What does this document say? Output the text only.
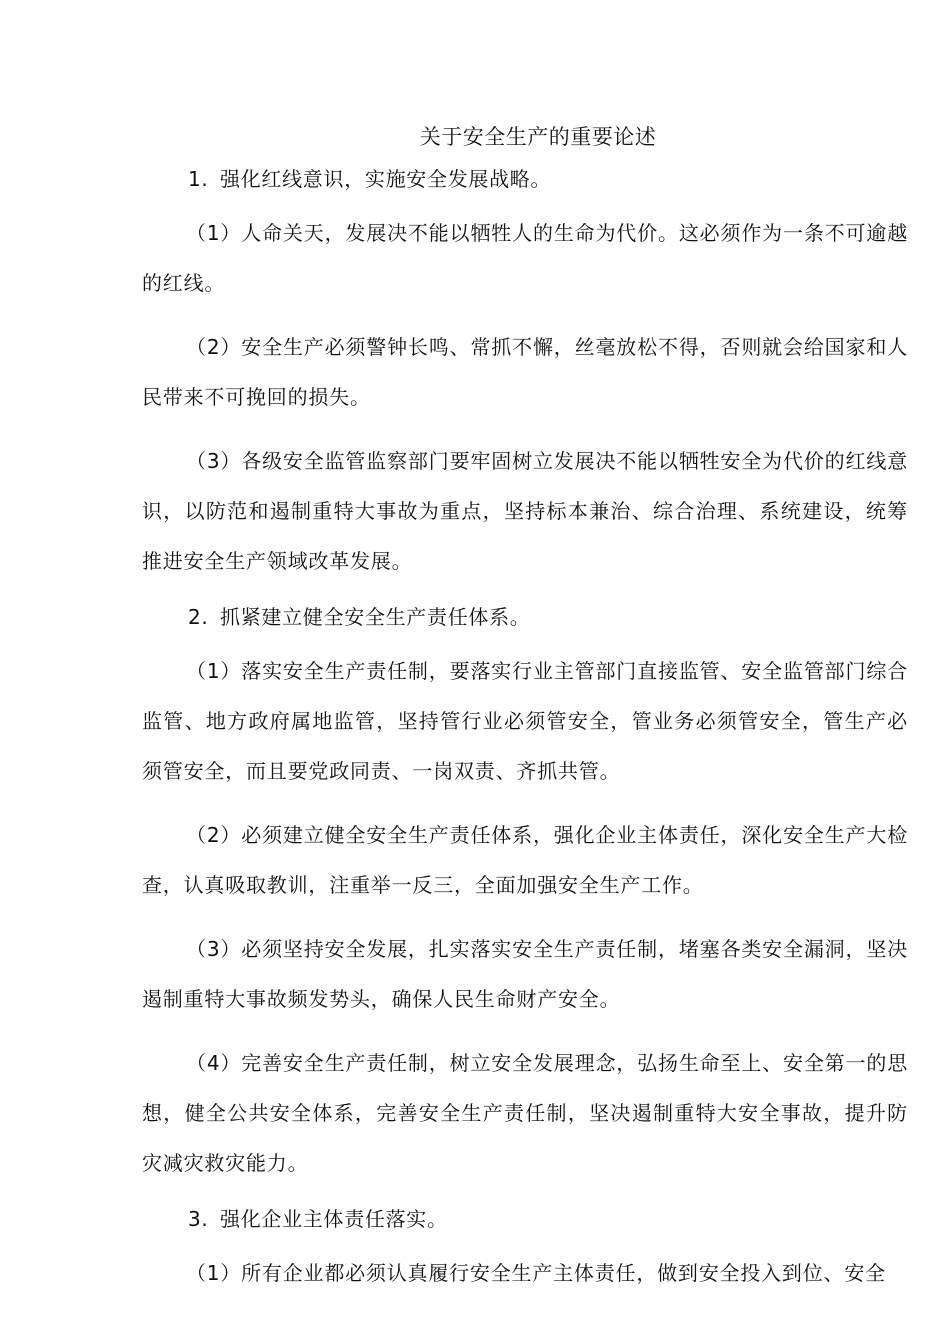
关于安全生产的重要论述
1. 强化红线意识，实施安全发展战略。

（1）人命关天，发展决不能以牺牲人的生命为代价。这必须作为一条不可逾越的红线。

（2）安全生产必须警钟长鸣、常抓不懈，丝毫放松不得，否则就会给国家和人民带来不可挽回的损失。

（3）各级安全监管监察部门要牢固树立发展决不能以牺牲安全为代价的红线意识，以防范和遏制重特大事故为重点，坚持标本兼治、综合治理、系统建设，统筹推进安全生产领域改革发展。

2. 抓紧建立健全安全生产责任体系。

（1）落实安全生产责任制，要落实行业主管部门直接监管、安全监管部门综合监管、地方政府属地监管，坚持管行业必须管安全，管业务必须管安全，管生产必须管安全，而且要党政同责、一岗双责、齐抓共管。

（2）必须建立健全安全生产责任体系，强化企业主体责任，深化安全生产大检查，认真吸取教训，注重举一反三，全面加强安全生产工作。

（3）必须坚持安全发展，扎实落实安全生产责任制，堵塞各类安全漏洞，坚决遏制重特大事故频发势头，确保人民生命财产安全。

（4）完善安全生产责任制，树立安全发展理念，弘扬生命至上、安全第一的思想，健全公共安全体系，完善安全生产责任制，坚决遏制重特大安全事故，提升防灾减灾救灾能力。

3. 强化企业主体责任落实。

（1）所有企业都必须认真履行安全生产主体责任，做到安全投入到位、安全
